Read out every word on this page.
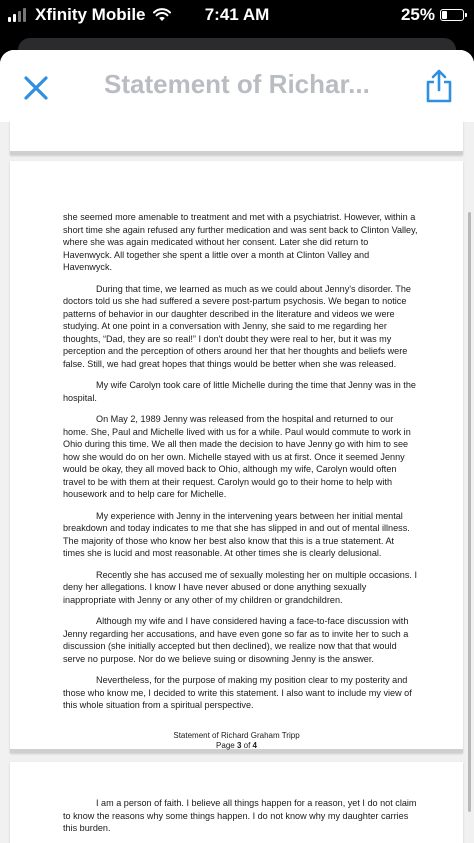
Xfinity Mobile	7:41 AM	25%
Statement of Richar...

she seemed more amenable to treatment and met with a psychiatrist. However, within a short time she again refused any further medication and was sent back to Clinton Valley, where she was again medicated without her consent. Later she did return to Havenwyck. All together she spent a little over a month at Clinton Valley and Havenwyck.

During that time, we learned as much as we could about Jenny's disorder. The doctors told us she had suffered a severe post-partum psychosis. We began to notice patterns of behavior in our daughter described in the literature and videos we were studying. At one point in a conversation with Jenny, she said to me regarding her thoughts, “Dad, they are so real!” I don't doubt they were real to her, but it was my perception and the perception of others around her that her thoughts and beliefs were false. Still, we had great hopes that things would be better when she was released.

My wife Carolyn took care of little Michelle during the time that Jenny was in the hospital.

On May 2, 1989 Jenny was released from the hospital and returned to our home. She, Paul and Michelle lived with us for a while. Paul would commute to work in Ohio during this time. We all then made the decision to have Jenny go with him to see how she would do on her own. Michelle stayed with us at first. Once it seemed Jenny would be okay, they all moved back to Ohio, although my wife, Carolyn would often travel to be with them at their request. Carolyn would go to their home to help with housework and to help care for Michelle.

My experience with Jenny in the intervening years between her initial mental breakdown and today indicates to me that she has slipped in and out of mental illness. The majority of those who know her best also know that this is a true statement. At times she is lucid and most reasonable. At other times she is clearly delusional.

Recently she has accused me of sexually molesting her on multiple occasions. I deny her allegations. I know I have never abused or done anything sexually inappropriate with Jenny or any other of my children or grandchildren.

Although my wife and I have considered having a face-to-face discussion with Jenny regarding her accusations, and have even gone so far as to invite her to such a discussion (she initially accepted but then declined), we realize now that that would serve no purpose. Nor do we believe suing or disowning Jenny is the answer.

Nevertheless, for the purpose of making my position clear to my posterity and those who know me, I decided to write this statement. I also want to include my view of this whole situation from a spiritual perspective.

Statement of Richard Graham Tripp
Page 3 of 4

I am a person of faith. I believe all things happen for a reason, yet I do not claim to know the reasons why some things happen. I do not know why my daughter carries this burden.
